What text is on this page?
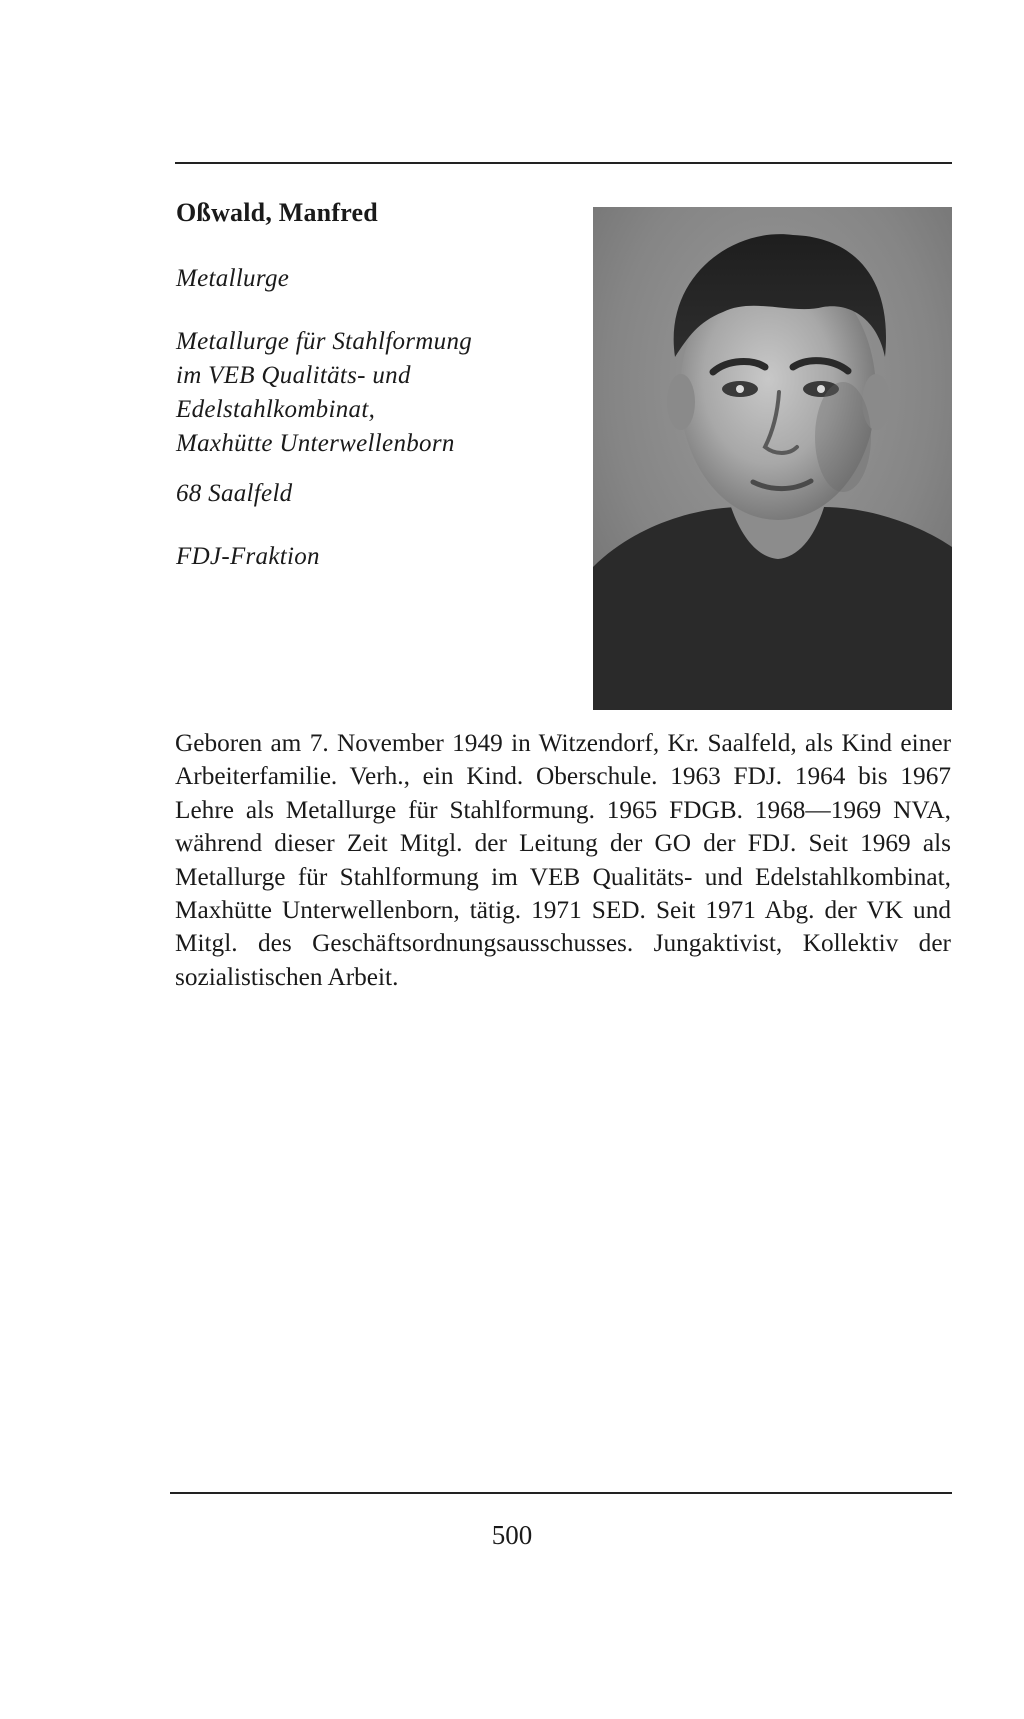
Oßwald, Manfred
Metallurge
Metallurge für Stahlformung
im VEB Qualitäts- und
Edelstahlkombinat,
Maxhütte Unterwellenborn
68 Saalfeld
FDJ-Fraktion
Geboren am 7. November 1949 in Witzendorf, Kr. Saalfeld, als Kind einer Arbeiterfamilie. Verh., ein Kind. Oberschule. 1963 FDJ. 1964 bis 1967 Lehre als Metallurge für Stahlformung. 1965 FDGB. 1968—1969 NVA, während dieser Zeit Mitgl. der Leitung der GO der FDJ. Seit 1969 als Metallurge für Stahlformung im VEB Qualitäts- und Edelstahlkombinat, Maxhütte Unterwellenborn, tätig. 1971 SED. Seit 1971 Abg. der VK und Mitgl. des Geschäftsordnungsausschusses. Jungaktivist, Kollektiv der sozialistischen Arbeit.
500
